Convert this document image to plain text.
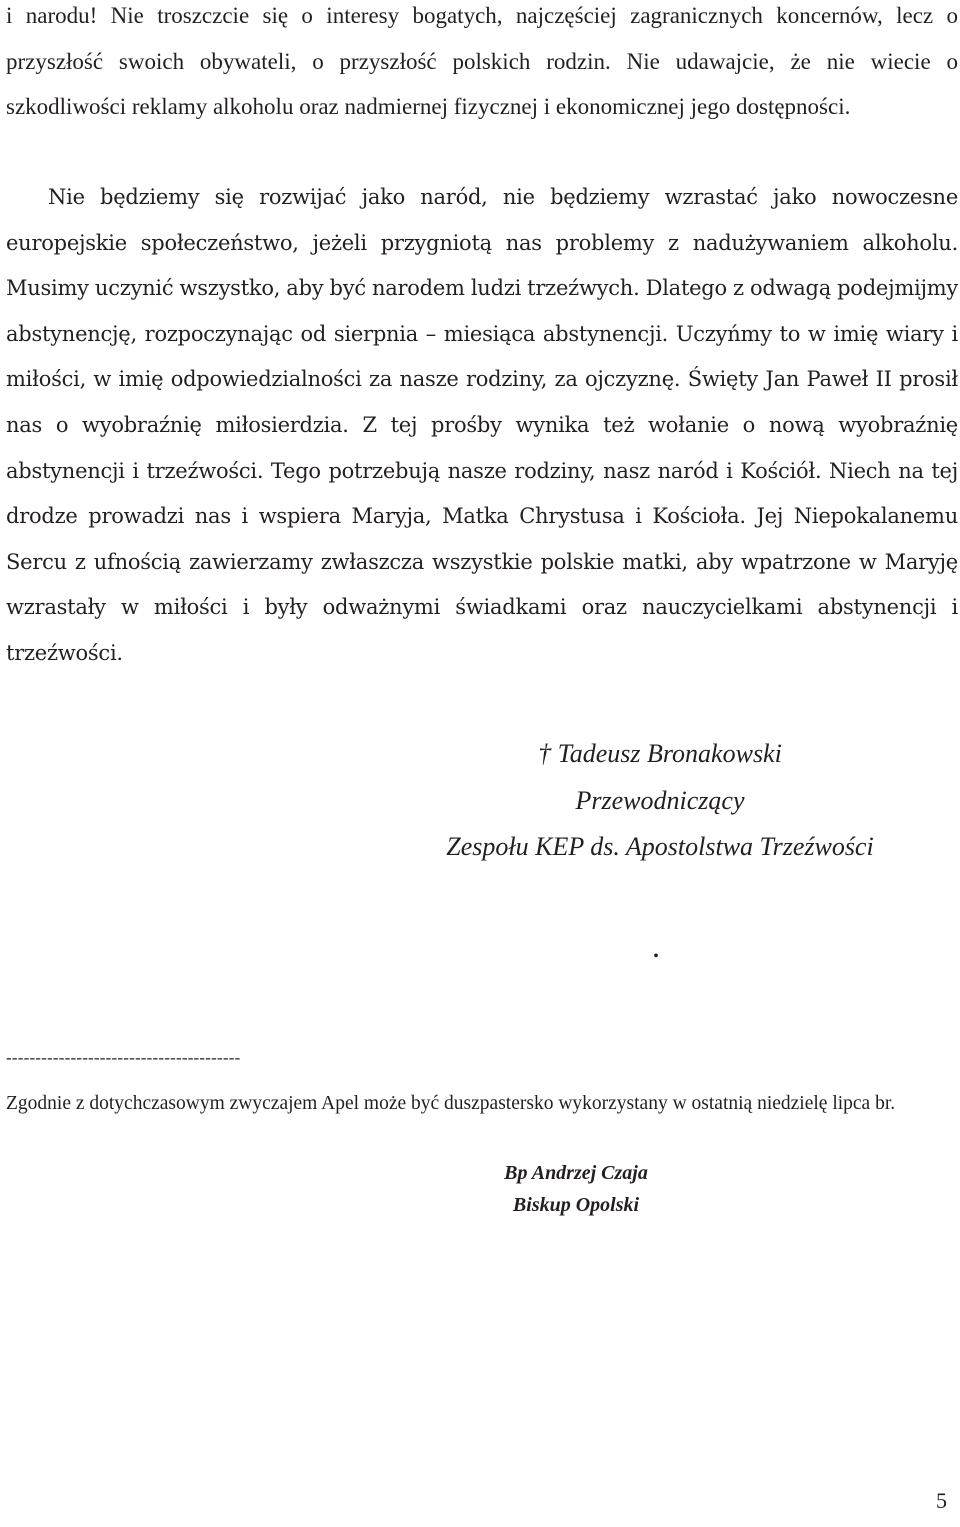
i narodu! Nie troszczcie się o interesy bogatych, najczęściej zagranicznych koncernów, lecz o przyszłość swoich obywateli, o przyszłość polskich rodzin. Nie udawajcie, że nie wiecie o szkodliwości reklamy alkoholu oraz nadmiernej fizycznej i ekonomicznej jego dostępności.

Nie będziemy się rozwijać jako naród, nie będziemy wzrastać jako nowoczesne europejskie społeczeństwo, jeżeli przygniotą nas problemy z nadużywaniem alkoholu. Musimy uczynić wszystko, aby być narodem ludzi trzeźwych. Dlatego z odwagą podejmijmy abstynencję, rozpoczynając od sierpnia – miesiąca abstynencji. Uczyńmy to w imię wiary i miłości, w imię odpowiedzialności za nasze rodziny, za ojczyznę. Święty Jan Paweł II prosił nas o wyobraźnię miłosierdzia. Z tej prośby wynika też wołanie o nową wyobraźnię abstynencji i trzeźwości. Tego potrzebują nasze rodziny, nasz naród i Kościół. Niech na tej drodze prowadzi nas i wspiera Maryja, Matka Chrystusa i Kościoła. Jej Niepokalanemu Sercu z ufnością zawierzamy zwłaszcza wszystkie polskie matki, aby wpatrzone w Maryję wzrastały w miłości i były odważnymi świadkami oraz nauczycielkami abstynencji i trzeźwości.

† Tadeusz Bronakowski
Przewodniczący
Zespołu KEP ds. Apostolstwa Trzeźwości
.
----------------------------------------

Zgodnie z dotychczasowym zwyczajem Apel może być duszpastersko wykorzystany w ostatnią niedzielę lipca br.

Bp Andrzej Czaja
Biskup Opolski
5
